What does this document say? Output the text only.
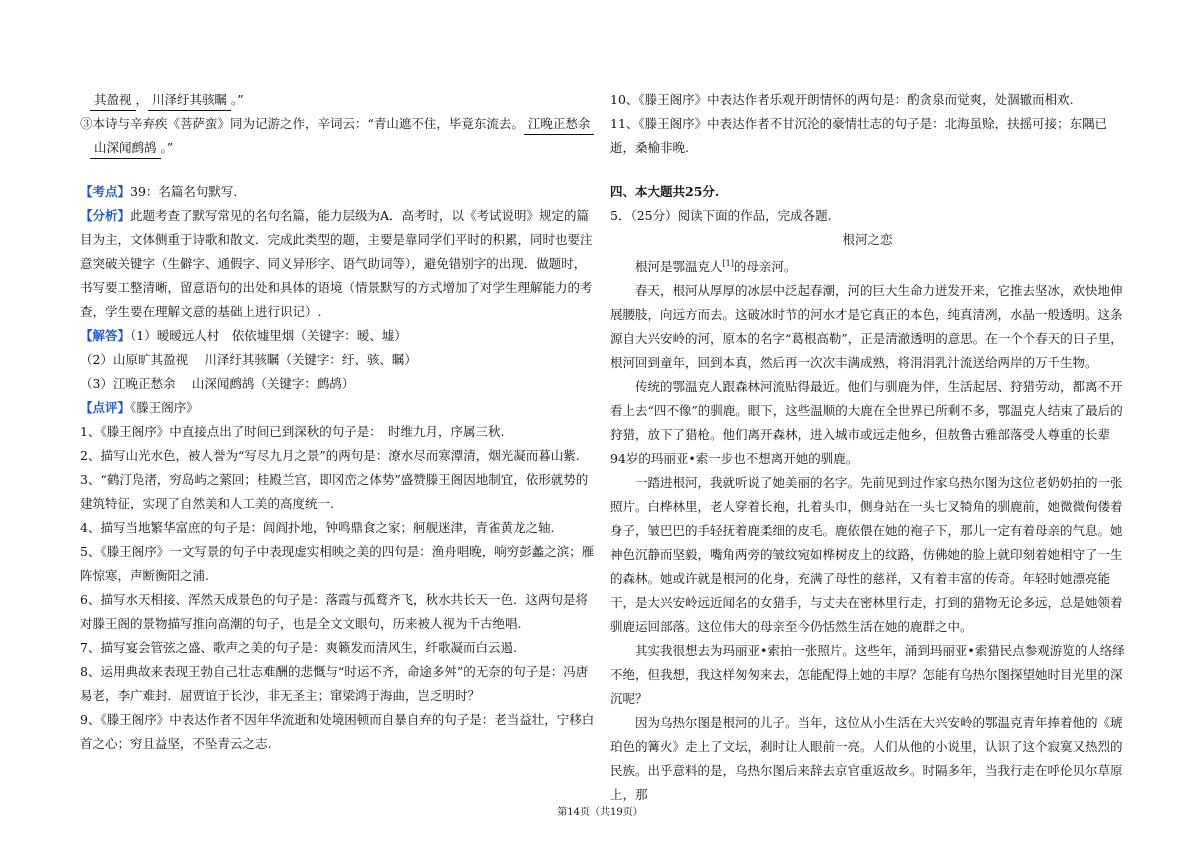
其盈视 ， 川泽纡其骇瞩 。”

③本诗与辛弃疾《菩萨蛮》同为记游之作，辛词云：“青山遮不住，毕竟东流去。 江晚正愁余

山深闻鹧鸪 。”

【考点】39：名篇名句默写.

【分析】此题考查了默写常见的名句名篇，能力层级为A．高考时，以《考试说明》规定的篇目为主，文体侧重于诗歌和散文．完成此类型的题，主要是靠同学们平时的积累，同时也要注意突破关键字（生僻字、通假字、同义异形字、语气助词等），避免错别字的出现．做题时，书写要工整清晰，留意语句的出处和具体的语境（情景默写的方式增加了对学生理解能力的考查，学生要在理解文意的基础上进行识记）.

【解答】（1）暧暧远人村　依依墟里烟（关键字：暧、墟）

（2）山原旷其盈视　 川泽纡其骇瞩（关键字：纡、骇、瞩）

（3）江晚正愁余　 山深闻鹧鸪（关键字：鹧鸪）

【点评】《滕王阁序》

1、《滕王阁序》中直接点出了时间已到深秋的句子是：　时维九月，序属三秋.

2、描写山光水色，被人誉为“写尽九月之景”的两句是：潦水尽而寒潭清，烟光凝而暮山紫.

3、“鹤汀凫渚，穷岛屿之萦回；桂殿兰宫，即冈峦之体势”盛赞滕王阁因地制宜，依形就势的建筑特征，实现了自然美和人工美的高度统一.

4、描写当地繁华富庶的句子是：闾阎扑地，钟鸣鼎食之家；舸舰迷津，青雀黄龙之轴.

5、《滕王阁序》一文写景的句子中表现虚实相映之美的四句是：渔舟唱晚，响穷彭蠡之滨；雁阵惊寒，声断衡阳之浦.

6、描写水天相接、浑然天成景色的句子是：落霞与孤鹜齐飞，秋水共长天一色．这两句是将对滕王阁的景物描写推向高潮的句子，也是全文文眼句，历来被人视为千古绝唱.

7、描写宴会管弦之盛、歌声之美的句子是：爽籁发而清风生，纤歌凝而白云遏.

8、运用典故来表现王勃自己壮志难酬的悲慨与“时运不齐，命途多舛”的无奈的句子是：冯唐易老，李广难封．屈贾谊于长沙，非无圣主；窜梁鸿于海曲，岂乏明时？

9、《滕王阁序》中表达作者不因年华流逝和处境困顿而自暴自弃的句子是：老当益壮，宁移白首之心；穷且益坚，不坠青云之志.

10、《滕王阁序》中表达作者乐观开朗情怀的两句是：酌贪泉而觉爽，处涸辙而相欢.

11、《滕王阁序》中表达作者不甘沉沦的豪情壮志的句子是：北海虽赊，扶摇可接；东隅已逝，桑榆非晚.

四、本大题共25分.

5．（25分）阅读下面的作品，完成各题.

根河之恋

根河是鄂温克人[1]的母亲河。

春天，根河从厚厚的冰层中泛起春潮，河的巨大生命力迸发开来，它推去坚冰，欢快地伸展腰肢，向远方而去。这破冰时节的河水才是它真正的本色，纯真清冽，水晶一般透明。这条源自大兴安岭的河，原本的名字“葛根高勒”，正是清澈透明的意思。在一个个春天的日子里，根河回到童年，回到本真，然后再一次次丰满成熟，将涓涓乳汁流送给两岸的万千生物。

传统的鄂温克人跟森林河流贴得最近。他们与驯鹿为伴，生活起居、狩猎劳动，都离不开看上去“四不像”的驯鹿。眼下，这些温顺的大鹿在全世界已所剩不多，鄂温克人结束了最后的狩猎，放下了猎枪。他们离开森林，进入城市或远走他乡，但敖鲁古雅部落受人尊重的长辈94岁的玛丽亚•索一步也不想离开她的驯鹿。

一踏进根河，我就听说了她美丽的名字。先前见到过作家乌热尔图为这位老奶奶拍的一张照片。白桦林里，老人穿着长袍，扎着头巾，侧身站在一头七叉犄角的驯鹿前，她微微佝偻着身子，皱巴巴的手轻抚着鹿柔细的皮毛。鹿依偎在她的袍子下，那儿一定有着母亲的气息。她神色沉静而坚毅，嘴角两旁的皱纹宛如桦树皮上的纹路，仿佛她的脸上就印刻着她相守了一生的森林。她或许就是根河的化身，充满了母性的慈祥，又有着丰富的传奇。年轻时她漂亮能干，是大兴安岭远近闻名的女猎手，与丈夫在密林里行走，打到的猎物无论多远，总是她领着驯鹿运回部落。这位伟大的母亲至今仍恬然生活在她的鹿群之中。

其实我很想去为玛丽亚•索拍一张照片。这些年，涌到玛丽亚•索猎民点参观游览的人络绎不绝，但我想，我这样匆匆来去，怎能配得上她的丰厚？怎能有乌热尔图探望她时目光里的深沉呢？

因为乌热尔图是根河的儿子。当年，这位从小生活在大兴安岭的鄂温克青年捧着他的《琥珀色的篝火》走上了文坛，刹时让人眼前一亮。人们从他的小说里，认识了这个寂寞又热烈的民族。出乎意料的是，乌热尔图后来辞去京官重返故乡。时隔多年，当我行走在呼伦贝尔草原上，那

第14页（共19页）
